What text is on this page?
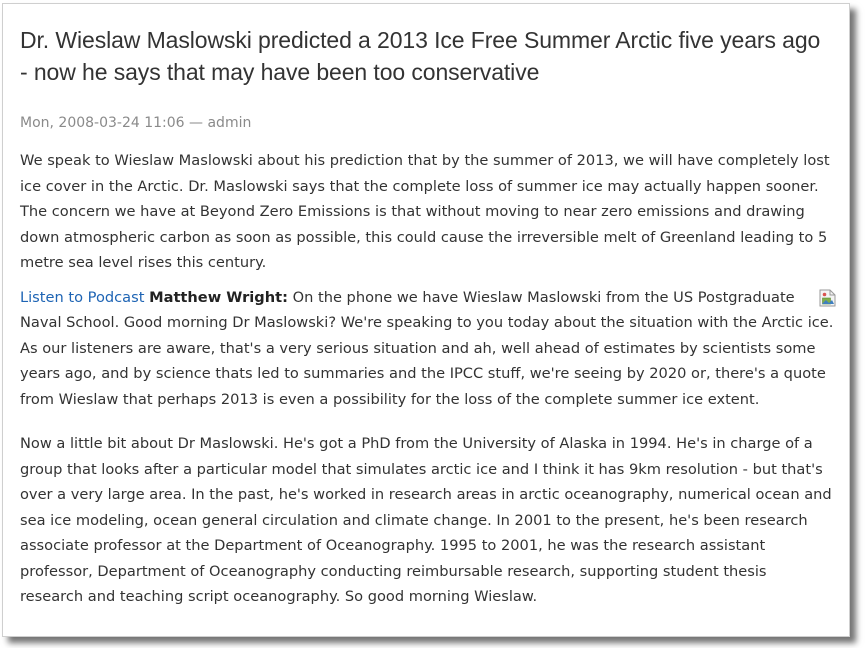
Dr. Wieslaw Maslowski predicted a 2013 Ice Free Summer Arctic five years ago - now he says that may have been too conservative
Mon, 2008-03-24 11:06 — admin

We speak to Wieslaw Maslowski about his prediction that by the summer of 2013, we will have completely lost ice cover in the Arctic. Dr. Maslowski says that the complete loss of summer ice may actually happen sooner. The concern we have at Beyond Zero Emissions is that without moving to near zero emissions and drawing down atmospheric carbon as soon as possible, this could cause the irreversible melt of Greenland leading to 5 metre sea level rises this century.

Listen to Podcast Matthew Wright: On the phone we have Wieslaw Maslowski from the US Postgraduate Naval School. Good morning Dr Maslowski? We're speaking to you today about the situation with the Arctic ice. As our listeners are aware, that's a very serious situation and ah, well ahead of estimates by scientists some years ago, and by science thats led to summaries and the IPCC stuff, we're seeing by 2020 or, there's a quote from Wieslaw that perhaps 2013 is even a possibility for the loss of the complete summer ice extent.

Now a little bit about Dr Maslowski. He's got a PhD from the University of Alaska in 1994. He's in charge of a group that looks after a particular model that simulates arctic ice and I think it has 9km resolution - but that's over a very large area. In the past, he's worked in research areas in arctic oceanography, numerical ocean and sea ice modeling, ocean general circulation and climate change. In 2001 to the present, he's been research associate professor at the Department of Oceanography. 1995 to 2001, he was the research assistant professor, Department of Oceanography conducting reimbursable research, supporting student thesis research and teaching script oceanography. So good morning Wieslaw.
